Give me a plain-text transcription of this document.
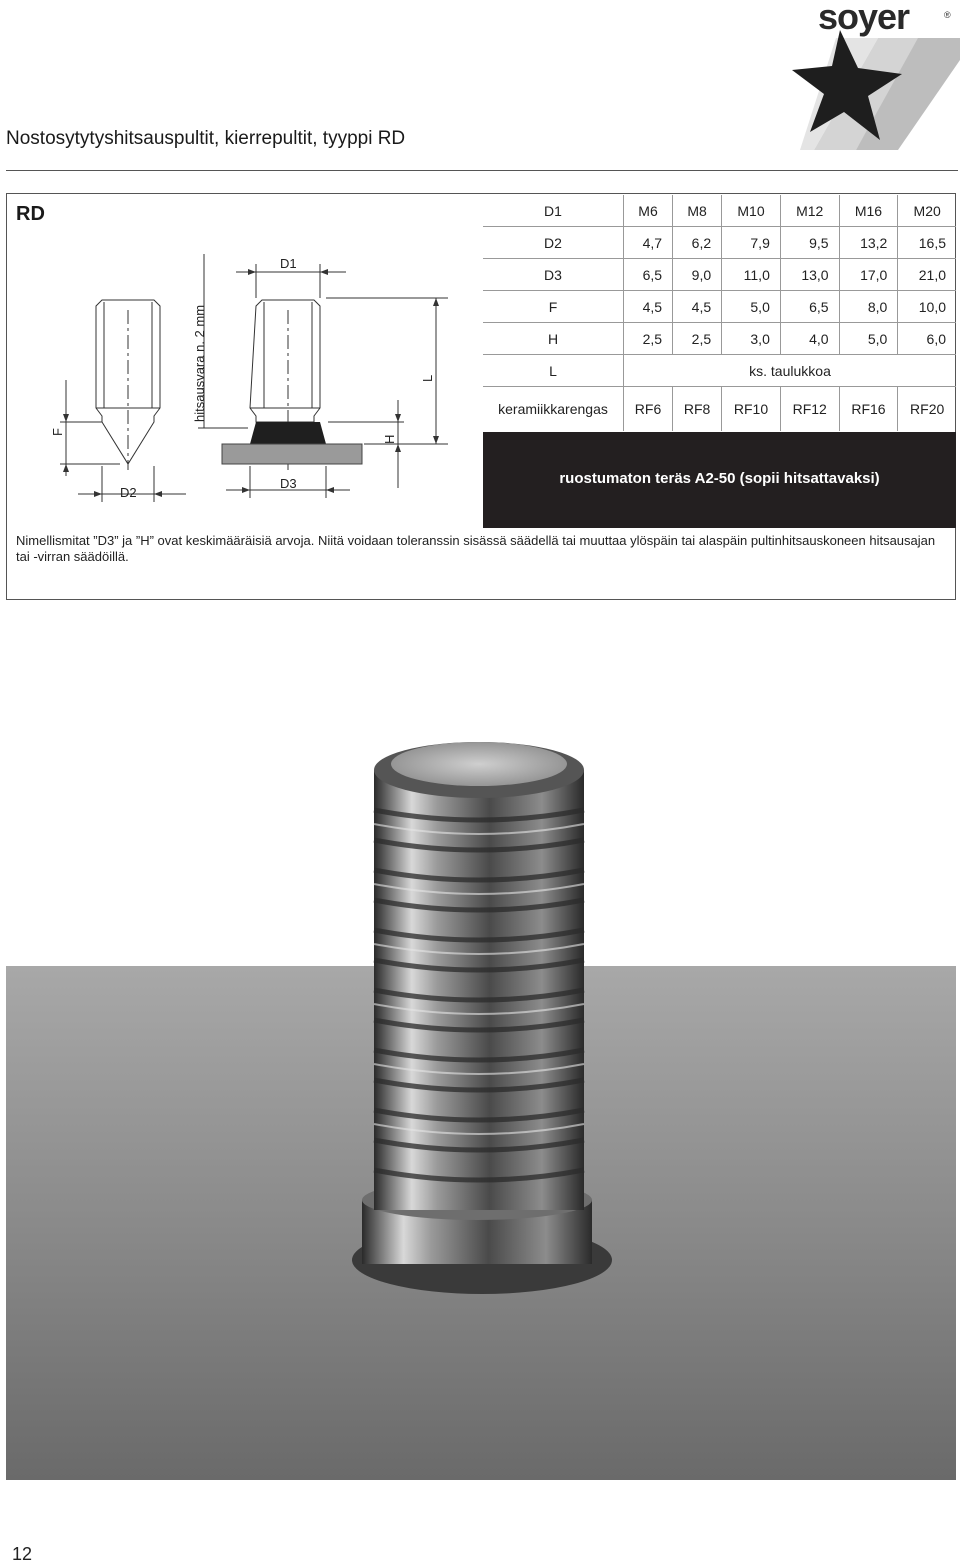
soyer	®
Nostosytytyshitsauspultit, kierrepultit, tyyppi RD
RD
hitsausvara n. 2 mm
D1
L
H
F
D2
D3
D1	M6	M8	M10	M12	M16	M20
D2	4,7	6,2	7,9	9,5	13,2	16,5
D3	6,5	9,0	11,0	13,0	17,0	21,0
F	4,5	4,5	5,0	6,5	8,0	10,0
H	2,5	2,5	3,0	4,0	5,0	6,0
L	ks. taulukkoa					
keramiikkarengas	RF6	RF8	RF10	RF12	RF16	RF20
ruostumaton teräs A2-50 (sopii hitsattavaksi)
Nimellismitat ”D3” ja ”H” ovat keskimääräisiä arvoja. Niitä voidaan toleranssin sisässä säädellä tai muuttaa ylöspäin tai alaspäin pultinhitsauskoneen hitsausajan tai -virran säädöillä.
12
